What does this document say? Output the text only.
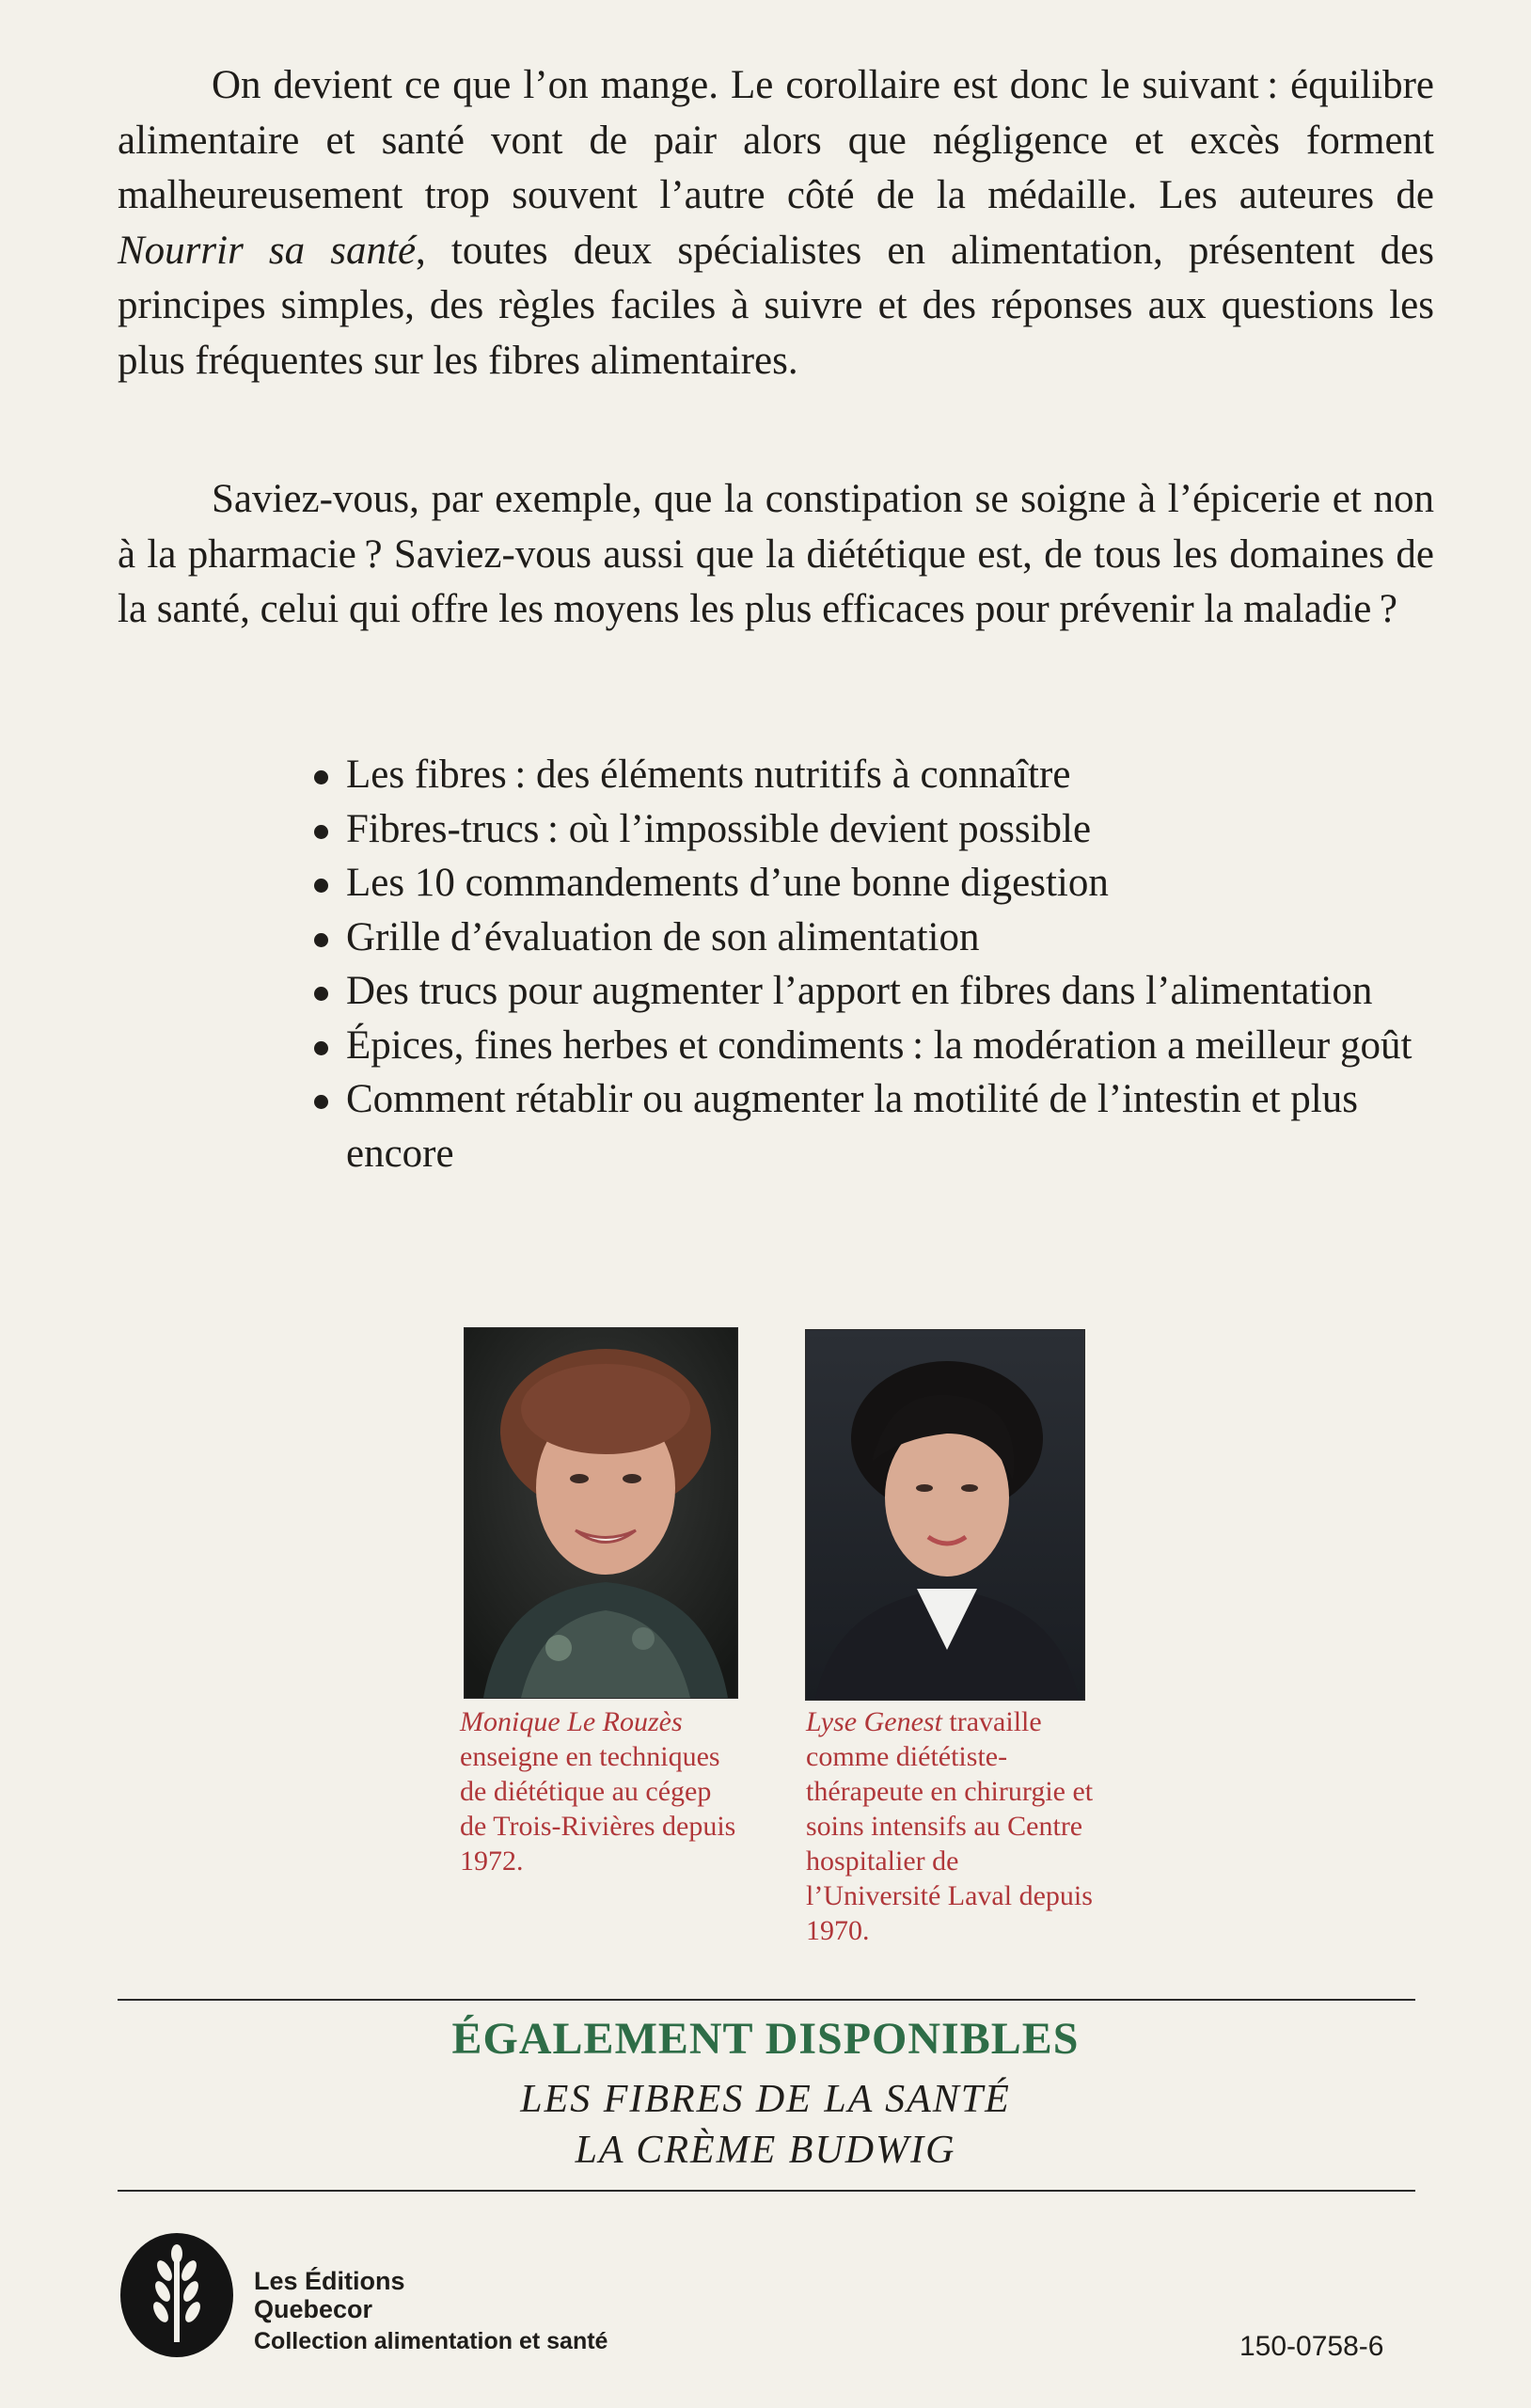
On devient ce que l’on mange. Le corollaire est donc le suivant : équilibre alimentaire et santé vont de pair alors que négligence et excès forment malheureusement trop souvent l’autre côté de la médaille. Les auteures de Nourrir sa santé, toutes deux spécialistes en alimentation, présentent des principes simples, des règles faciles à suivre et des réponses aux questions les plus fréquentes sur les fibres alimentaires.

Saviez-vous, par exemple, que la constipation se soigne à l’épicerie et non à la pharmacie ? Saviez-vous aussi que la diététique est, de tous les domaines de la santé, celui qui offre les moyens les plus efficaces pour prévenir la maladie ?

Les fibres : des éléments nutritifs à connaître
Fibres-trucs : où l’impossible devient possible
Les 10 commandements d’une bonne digestion
Grille d’évaluation de son alimentation
Des trucs pour augmenter l’apport en fibres dans l’alimentation
Épices, fines herbes et condiments : la modération a meilleur goût
Comment rétablir ou augmenter la motilité de l’intestin et plus encore

Monique Le Rouzès enseigne en techniques de diététique au cégep de Trois-Rivières depuis 1972.

Lyse Genest travaille comme diététiste-thérapeute en chirurgie et soins intensifs au Centre hospitalier de l’Université Laval depuis 1970.

ÉGALEMENT DISPONIBLES
LES FIBRES DE LA SANTÉ
LA CRÈME BUDWIG
Les Éditions
Quebecor
Collection alimentation et santé	150-0758-6
